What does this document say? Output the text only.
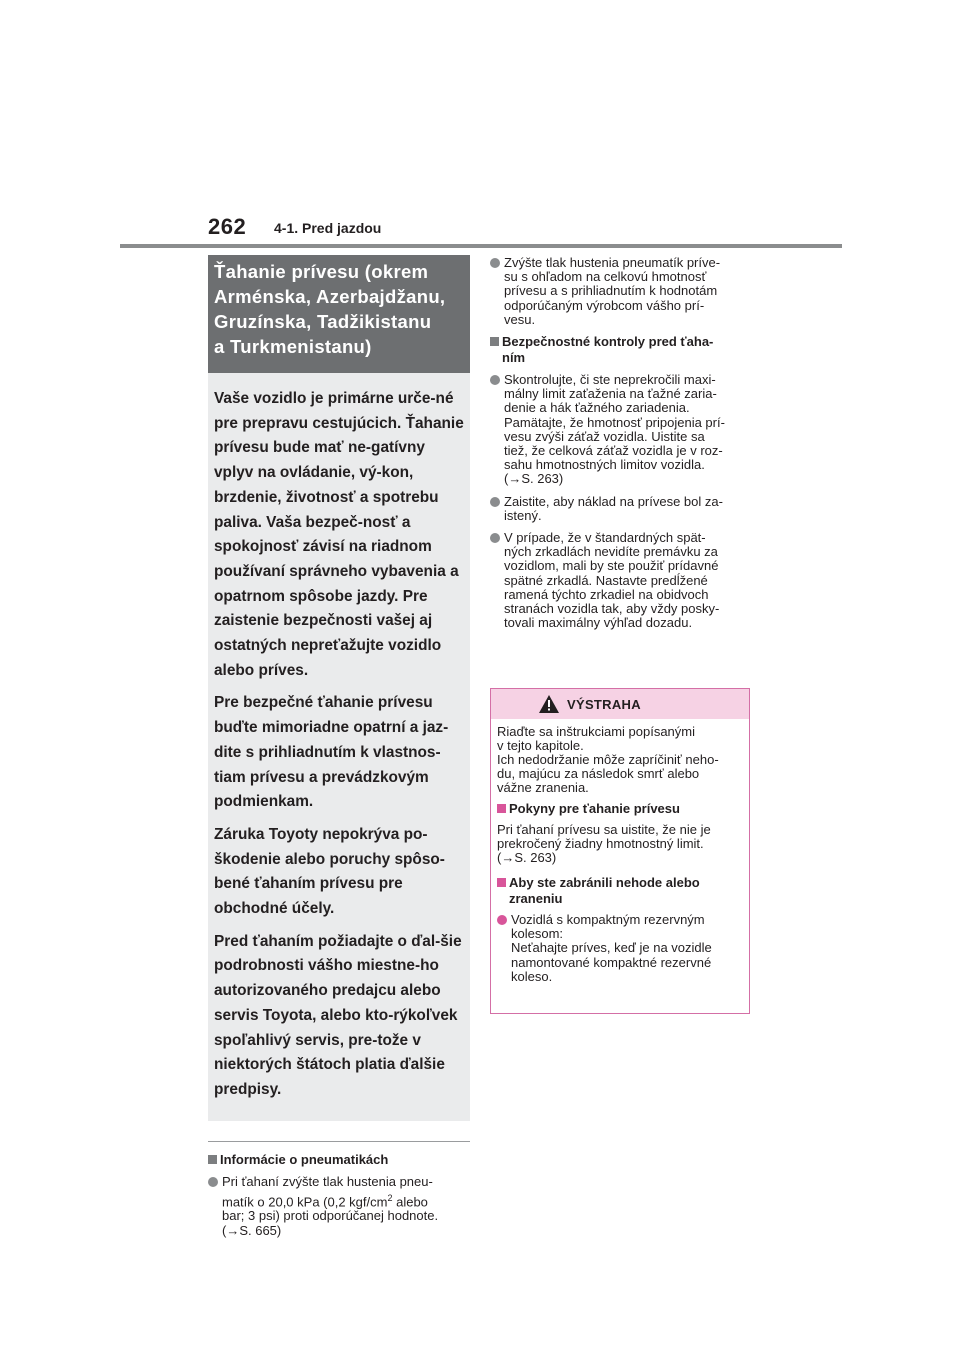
262 4-1. Pred jazdou
Ťahanie prívesu (okrem
Arménska, Azerbajdžanu,
Gruzínska, Tadžikistanu
a Turkmenistanu)

Vaše vozidlo je primárne urče-né pre prepravu cestujúcich. Ťahanie prívesu bude mať ne-gatívny vplyv na ovládanie, vý-kon, brzdenie, životnosť a spotrebu paliva. Vaša bezpeč-nosť a spokojnosť závisí na riadnom používaní správneho vybavenia a opatrnom spôsobe jazdy. Pre zaistenie bezpečnosti vašej aj ostatných nepreťažujte vozidlo alebo príves.

Pre bezpečné ťahanie prívesu buďte mimoriadne opatrní a jaz-dite s prihliadnutím k vlastnos-tiam prívesu a prevádzkovým podmienkam.

Záruka Toyoty nepokrýva po-škodenie alebo poruchy spôso-bené ťahaním prívesu pre obchodné účely.

Pred ťahaním požiadajte o ďal-šie podrobnosti vášho miestne-ho autorizovaného predajcu alebo servis Toyota, alebo kto-rýkoľvek spoľahlivý servis, pre-tože v niektorých štátoch platia ďalšie predpisy.

Informácie o pneumatikách
Pri ťahaní zvýšte tlak hustenia pneu-
matík o 20,0 kPa (0,2 kgf/$cm^2$ alebo
bar; 3 psi) proti odporúčanej hodnote.
(→S. 665)
Zvýšte tlak hustenia pneumatík príve-
su s ohľadom na celkovú hmotnosť
prívesu a s prihliadnutím k hodnotám
odporúčaným výrobcom vášho prí-
vesu.
Bezpečnostné kontroly pred ťaha-
ním
Skontrolujte, či ste neprekročili maxi-
málny limit zaťaženia na ťažné zaria-
denie a hák ťažného zariadenia.
Pamätajte, že hmotnosť pripojenia prí-
vesu zvýši záťaž vozidla. Uistite sa
tiež, že celková záťaž vozidla je v roz-
sahu hmotnostných limitov vozidla.
(→S. 263)
Zaistite, aby náklad na prívese bol za-
istený.
V prípade, že v štandardných spät-
ných zrkadlách nevidíte premávku za
vozidlom, mali by ste použiť prídavné
spätné zrkadlá. Nastavte predĺžené
ramená týchto zrkadiel na obidvoch
stranách vozidla tak, aby vždy posky-
tovali maximálny výhľad dozadu.
VÝSTRAHA

Riaďte sa inštrukciami popísanými

v tejto kapitole.

Ich nedodržanie môže zapríčiniť neho-

du, majúcu za následok smrť alebo

vážne zranenia.

Pokyny pre ťahanie prívesu

Pri ťahaní prívesu sa uistite, že nie je

prekročený žiadny hmotnostný limit.

(→S. 263)

Aby ste zabránili nehode alebo
zraneniu
Vozidlá s kompaktným rezervným
kolesom:
Neťahajte príves, keď je na vozidle
namontované kompaktné rezervné
koleso.
